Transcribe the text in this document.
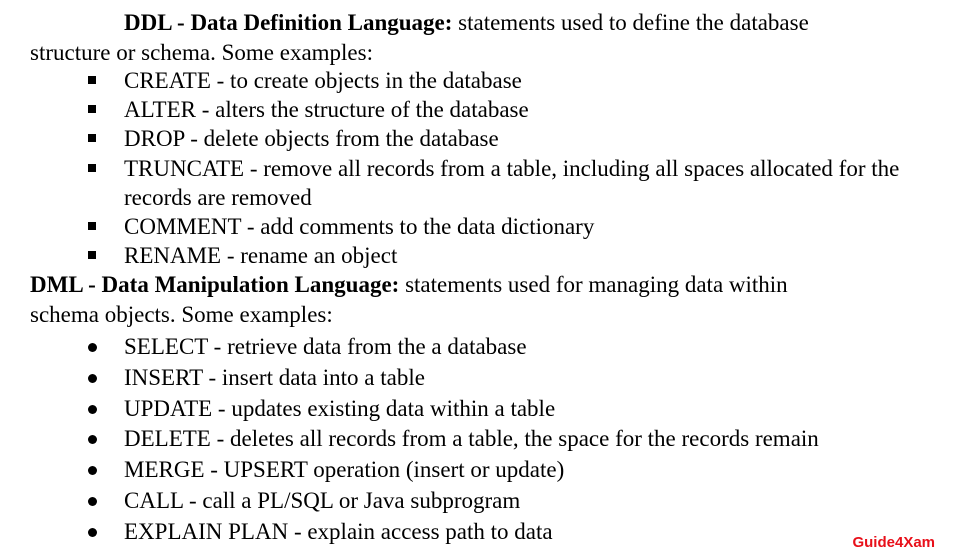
DDL - Data Definition Language: statements used to define the database
structure or schema. Some examples:
CREATE - to create objects in the database
ALTER - alters the structure of the database
DROP - delete objects from the database
TRUNCATE - remove all records from a table, including all spaces allocated for the records are removed
COMMENT - add comments to the data dictionary
RENAME - rename an object
DML - Data Manipulation Language: statements used for managing data within
schema objects. Some examples:
SELECT - retrieve data from the a database
INSERT - insert data into a table
UPDATE - updates existing data within a table
DELETE - deletes all records from a table, the space for the records remain
MERGE - UPSERT operation (insert or update)
CALL - call a PL/SQL or Java subprogram
EXPLAIN PLAN - explain access path to data	Guide4Xam
